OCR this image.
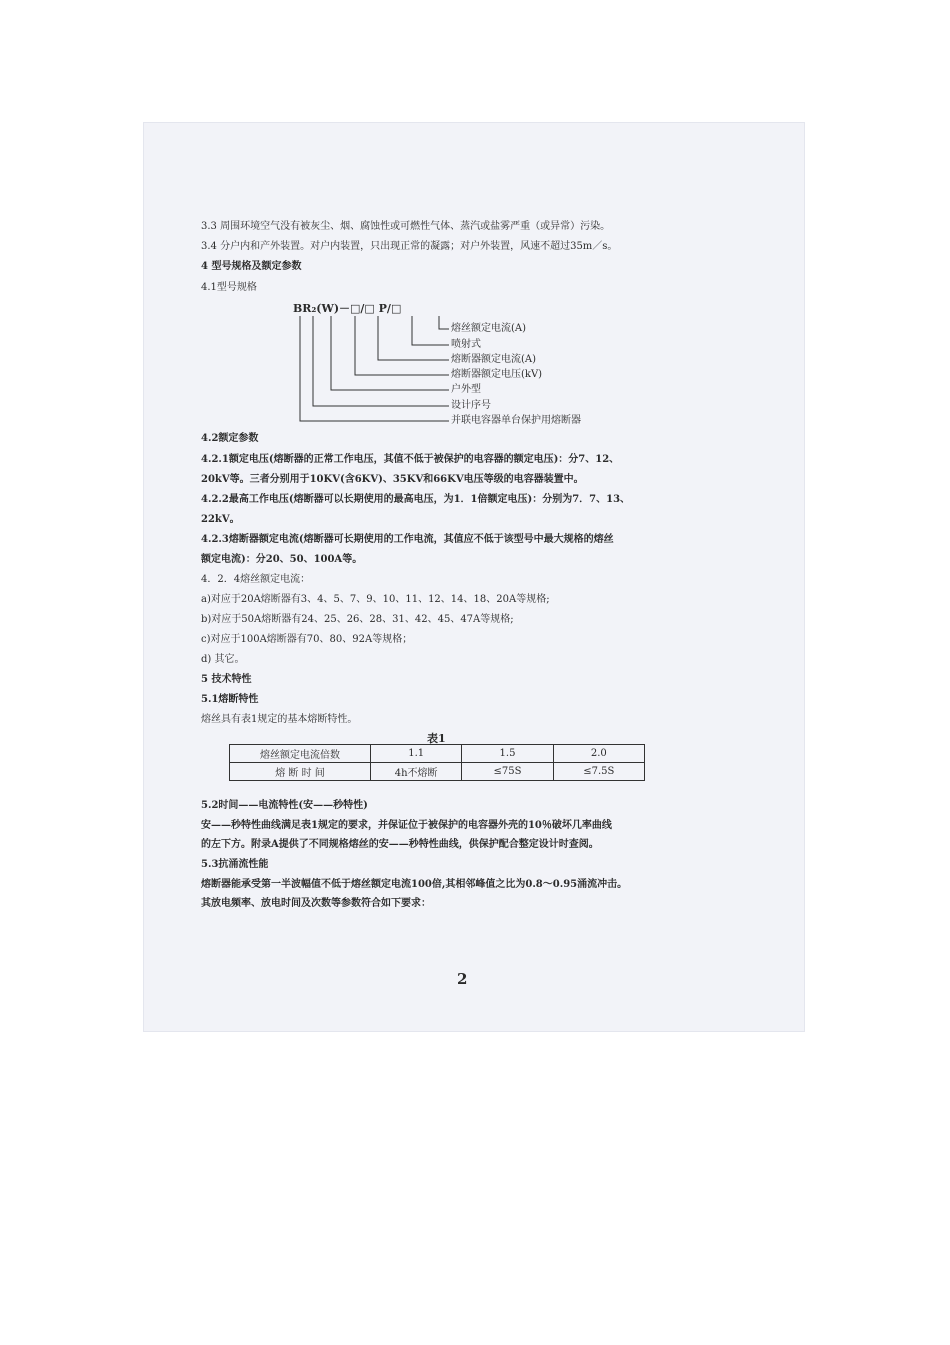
3.3 周围环境空气没有被灰尘、烟、腐蚀性或可燃性气体、蒸汽或盐雾严重（或异常）污染。
3.4 分户内和产外装置。对户内装置，只出现正常的凝露；对户外装置，风速不超过35m／s。
4 型号规格及额定参数
4.1型号规格
BR₂(W)－□/□ P/□
熔丝额定电流(A)
喷射式
熔断器额定电流(A)
熔断器额定电压(kV)
户外型
设计序号
并联电容器单台保护用熔断器
4.2额定参数
4.2.1额定电压(熔断器的正常工作电压，其值不低于被保护的电容器的额定电压)：分7、12、
20kV等。三者分别用于10KV(含6KV)、35KV和66KV电压等级的电容器装置中。
4.2.2最高工作电压(熔断器可以长期使用的最高电压，为1．1倍额定电压)：分别为7．7、13、
22kV。
4.2.3熔断器额定电流(熔断器可长期使用的工作电流，其值应不低于该型号中最大规格的熔丝
额定电流)：分20、50、100A等。
4．2．4熔丝额定电流：
a)对应于20A熔断器有3、4、5、7、9、10、11、12、14、18、20A等规格;
b)对应于50A熔断器有24、25、26、28、31、42、45、47A等规格;
c)对应于100A熔断器有70、80、92A等规格；
d) 其它。
5 技术特性
5.1熔断特性
熔丝具有表1规定的基本熔断特性。
表1
熔丝额定电流倍数	1.1	1.5	2.0
熔 断 时 间	4h不熔断	≤75S	≤7.5S
5.2时间——电流特性(安——秒特性)
安——秒特性曲线满足表1规定的要求，并保证位于被保护的电容器外壳的10％破坏几率曲线
的左下方。附录A提供了不同规格熔丝的安——秒特性曲线，供保护配合整定设计时查阅。
5.3抗涌流性能
熔断器能承受第一半波幅值不低于熔丝额定电流100倍,其相邻峰值之比为0.8～0.95涌流冲击。
其放电频率、放电时间及次数等参数符合如下要求：
2
